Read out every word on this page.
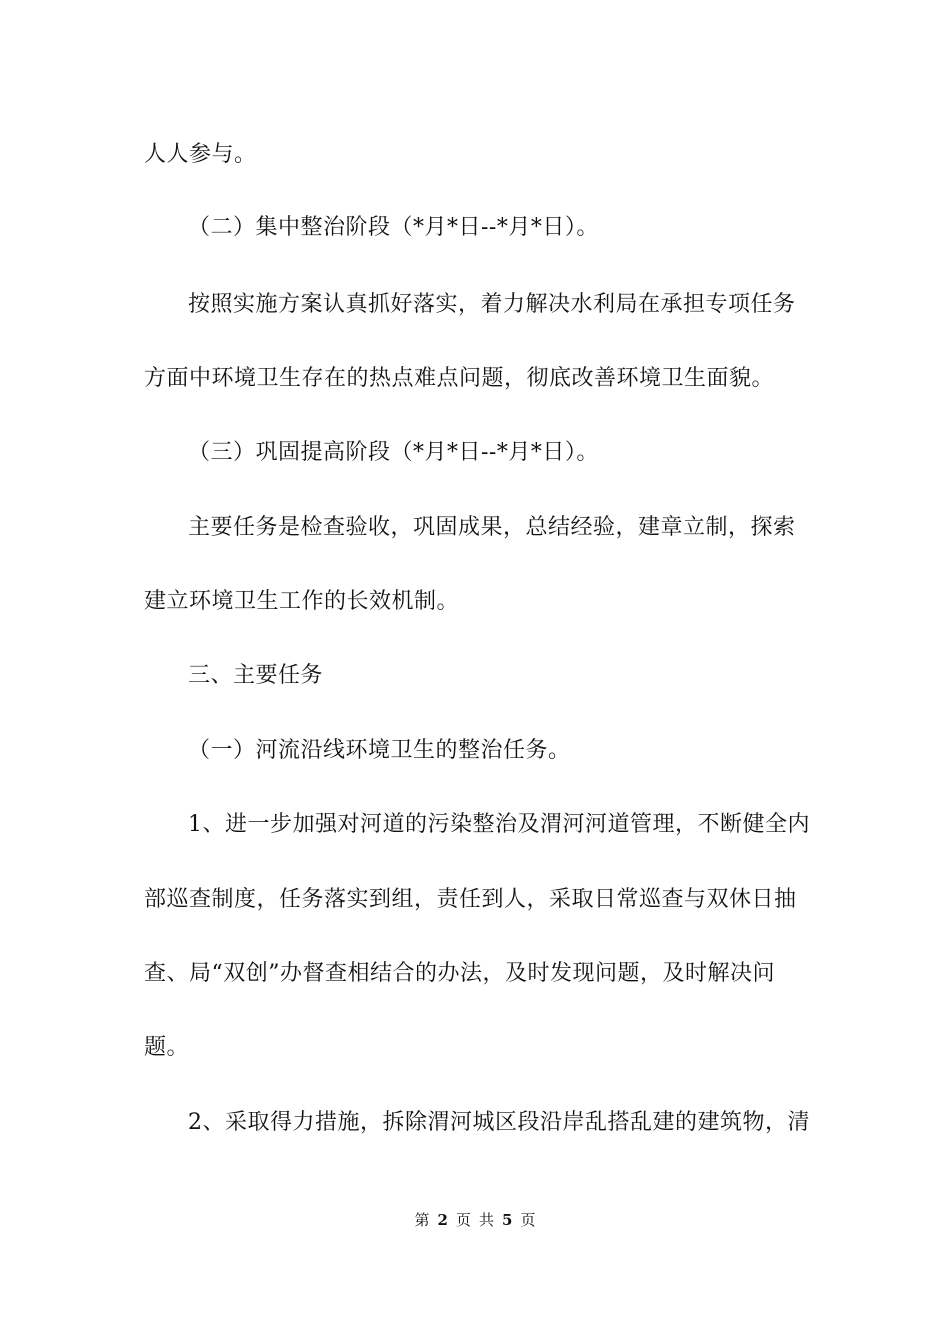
人人参与。
（二）集中整治阶段（*月*日--*月*日）。
按照实施方案认真抓好落实，着力解决水利局在承担专项任务
方面中环境卫生存在的热点难点问题，彻底改善环境卫生面貌。
（三）巩固提高阶段（*月*日--*月*日）。
主要任务是检查验收，巩固成果，总结经验，建章立制，探索
建立环境卫生工作的长效机制。
三、主要任务
（一）河流沿线环境卫生的整治任务。
1、进一步加强对河道的污染整治及渭河河道管理，不断健全内
部巡查制度，任务落实到组，责任到人，采取日常巡查与双休日抽
查、局“双创”办督查相结合的办法，及时发现问题，及时解决问
题。
2、采取得力措施，拆除渭河城区段沿岸乱搭乱建的建筑物，清
第 2 页 共 5 页
